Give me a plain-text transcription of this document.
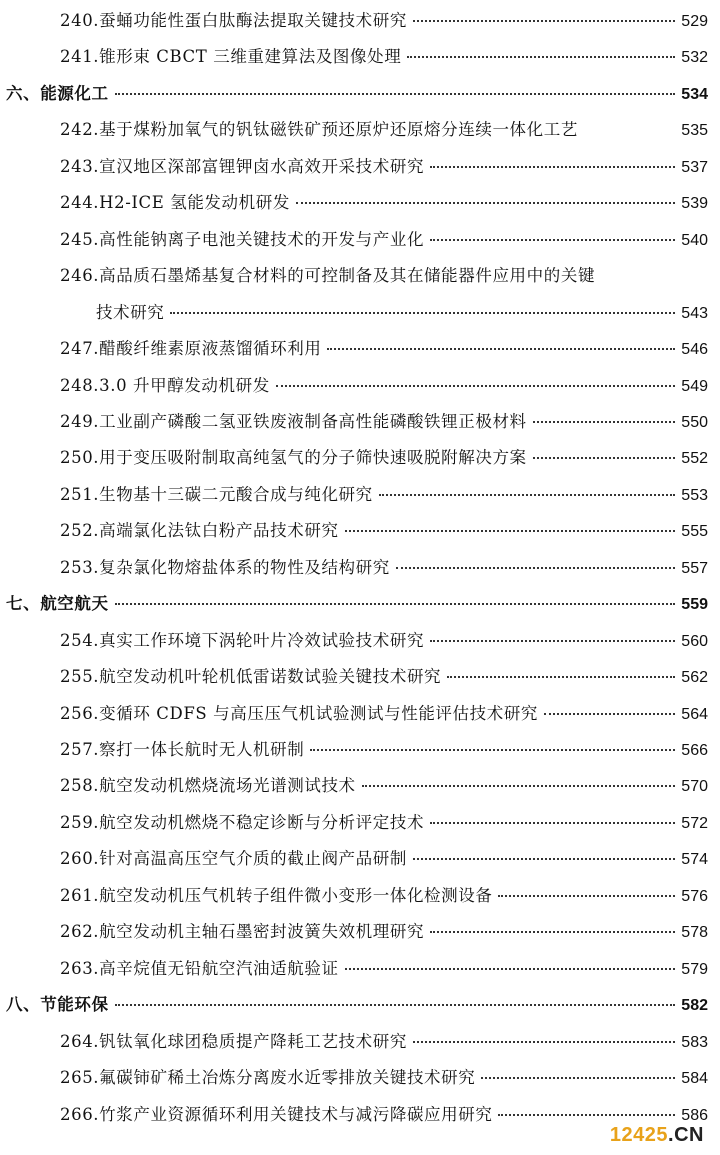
240.蚕蛹功能性蛋白肽酶法提取关键技术研究	529
241.锥形束 CBCT 三维重建算法及图像处理	532
六、能源化工	534
242.基于煤粉加氧气的钒钛磁铁矿预还原炉还原熔分连续一体化工艺	535
243.宣汉地区深部富锂钾卤水高效开采技术研究	537
244.H2-ICE 氢能发动机研发	539
245.高性能钠离子电池关键技术的开发与产业化	540
246.高品质石墨烯基复合材料的可控制备及其在储能器件应用中的关键
技术研究	543
247.醋酸纤维素原液蒸馏循环利用	546
248.3.0 升甲醇发动机研发	549
249.工业副产磷酸二氢亚铁废液制备高性能磷酸铁锂正极材料	550
250.用于变压吸附制取高纯氢气的分子筛快速吸脱附解决方案	552
251.生物基十三碳二元酸合成与纯化研究	553
252.高端氯化法钛白粉产品技术研究	555
253.复杂氯化物熔盐体系的物性及结构研究	557
七、航空航天	559
254.真实工作环境下涡轮叶片冷效试验技术研究	560
255.航空发动机叶轮机低雷诺数试验关键技术研究	562
256.变循环 CDFS 与高压压气机试验测试与性能评估技术研究	564
257.察打一体长航时无人机研制	566
258.航空发动机燃烧流场光谱测试技术	570
259.航空发动机燃烧不稳定诊断与分析评定技术	572
260.针对高温高压空气介质的截止阀产品研制	574
261.航空发动机压气机转子组件微小变形一体化检测设备	576
262.航空发动机主轴石墨密封波簧失效机理研究	578
263.高辛烷值无铅航空汽油适航验证	579
八、节能环保	582
264.钒钛氧化球团稳质提产降耗工艺技术研究	583
265.氟碳铈矿稀土冶炼分离废水近零排放关键技术研究	584
266.竹浆产业资源循环利用关键技术与减污降碳应用研究	586
12425.CN
